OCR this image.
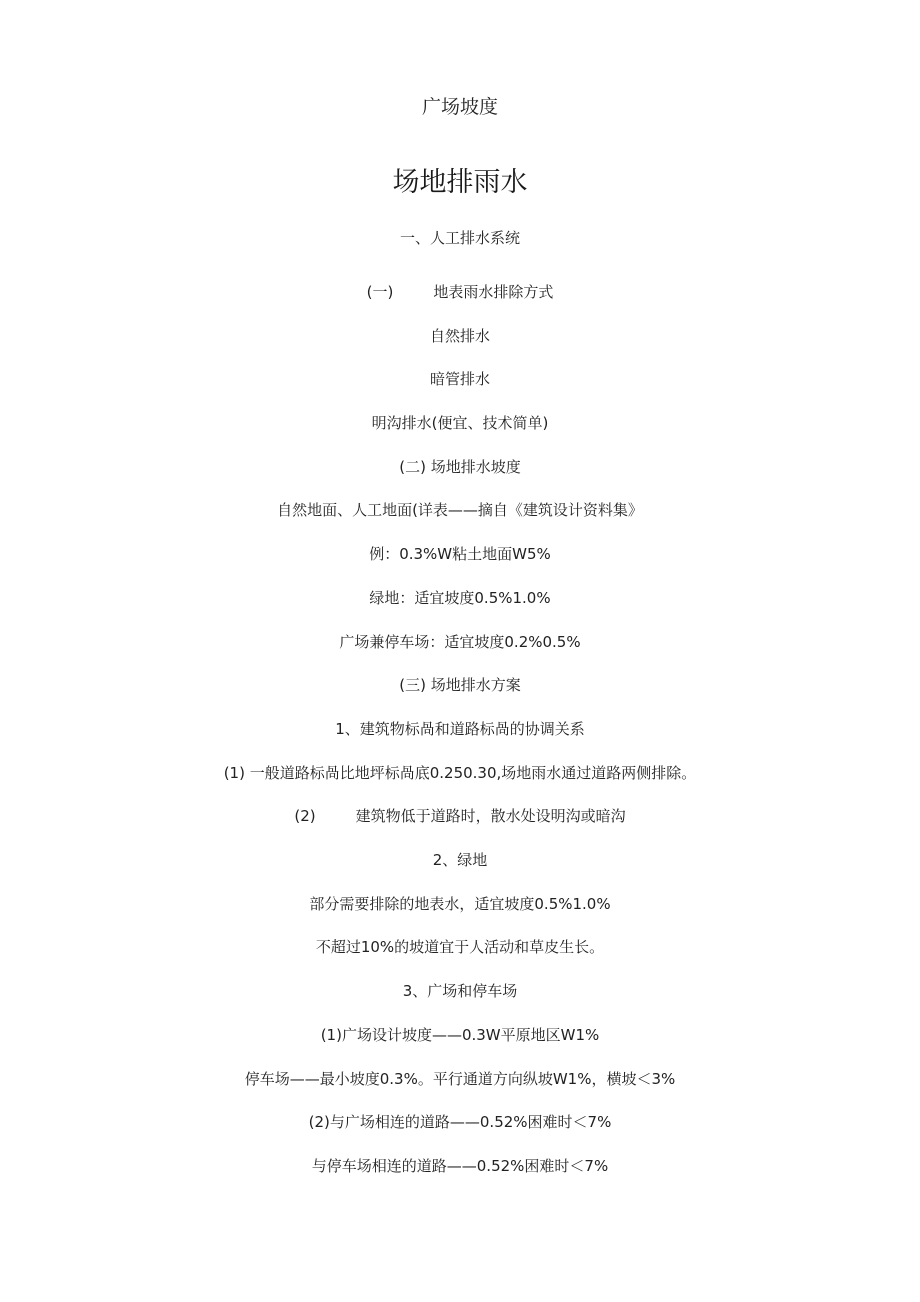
广场坡度
场地排雨水
一、人工排水系统
(一)	地表雨水排除方式
自然排水
暗管排水
明沟排水(便宜、技术简单)
(二) 场地排水坡度
自然地面、人工地面(详表——摘自《建筑设计资料集》
例：0.3%W粘土地面W5%
绿地：适宜坡度0.5%1.0%
广场兼停车场：适宜坡度0.2%0.5%
(三) 场地排水方案
1、建筑物标咼和道路标咼的协调关系
(1) 一般道路标咼比地坪标咼底0.250.30,场地雨水通过道路两侧排除。
(2)	建筑物低于道路时，散水处设明沟或暗沟
2、绿地
部分需要排除的地表水，适宜坡度0.5%1.0%
不超过10%的坡道宜于人活动和草皮生长。
3、广场和停车场
(1)广场设计坡度——0.3W平原地区W1%
停车场——最小坡度0.3%。平行通道方向纵坡W1%，横坡＜3%
(2)与广场相连的道路——0.52%困难时＜7%
与停车场相连的道路——0.52%困难时＜7%
